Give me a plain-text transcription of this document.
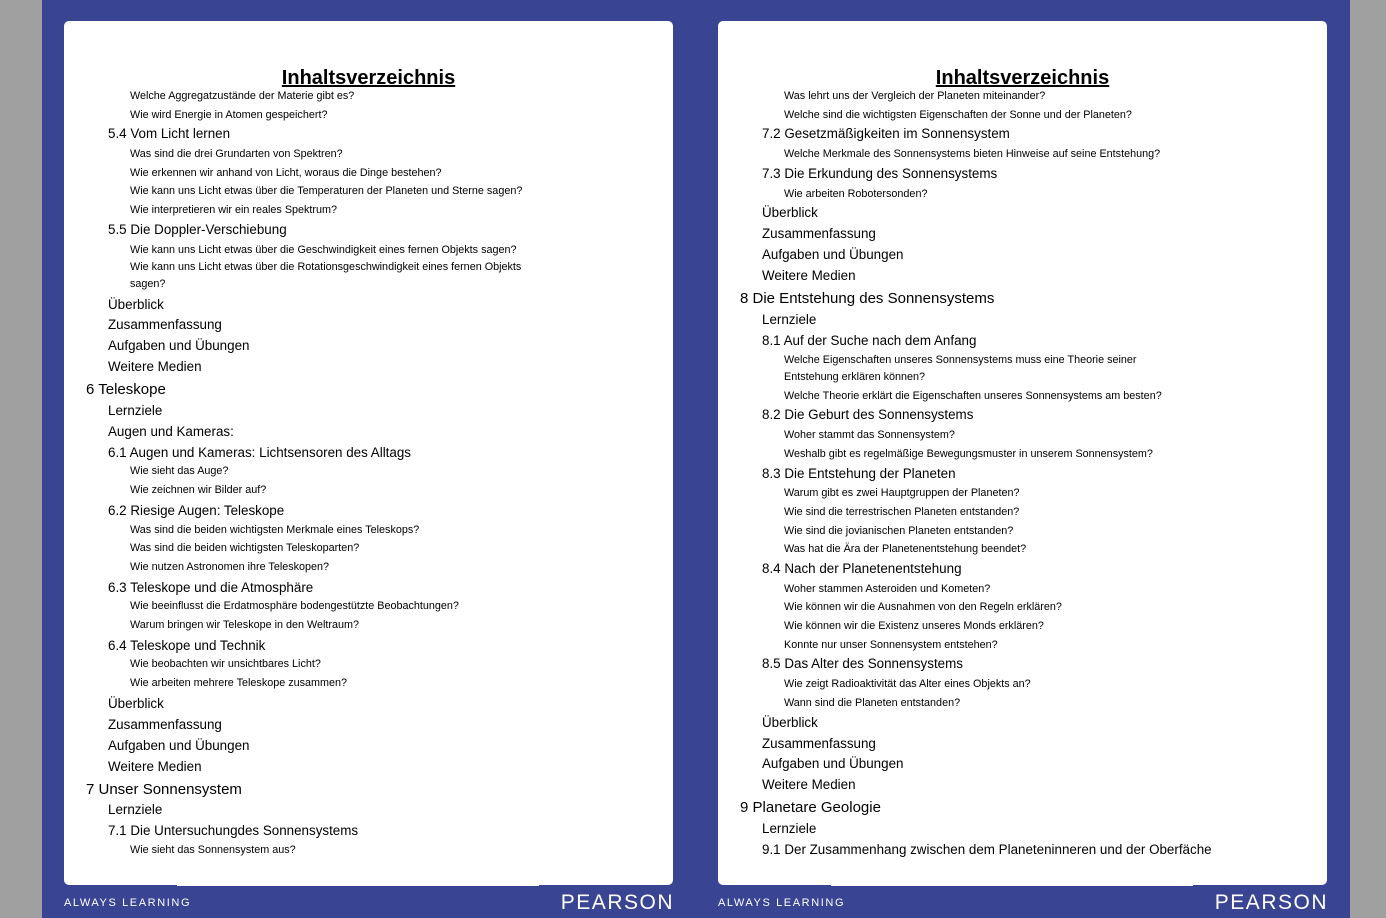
Inhaltsverzeichnis
Welche Aggregatzustände der Materie gibt es?
Wie wird Energie in Atomen gespeichert?
5.4 Vom Licht lernen
Was sind die drei Grundarten von Spektren?
Wie erkennen wir anhand von Licht, woraus die Dinge bestehen?
Wie kann uns Licht etwas über die Temperaturen der Planeten und Sterne sagen?
Wie interpretieren wir ein reales Spektrum?
5.5 Die Doppler-Verschiebung
Wie kann uns Licht etwas über die Geschwindigkeit eines fernen Objekts sagen?
Wie kann uns Licht etwas über die Rotationsgeschwindigkeit eines fernen Objekts sagen?
Überblick
Zusammenfassung
Aufgaben und Übungen
Weitere Medien
6 Teleskope
Lernziele
Augen und Kameras:
6.1 Augen und Kameras: Lichtsensoren des Alltags
Wie sieht das Auge?
Wie zeichnen wir Bilder auf?
6.2 Riesige Augen: Teleskope
Was sind die beiden wichtigsten Merkmale eines Teleskops?
Was sind die beiden wichtigsten Teleskoparten?
Wie nutzen Astronomen ihre Teleskopen?
6.3 Teleskope und die Atmosphäre
Wie beeinflusst die Erdatmosphäre bodengestützte Beobachtungen?
Warum bringen wir Teleskope in den Weltraum?
6.4 Teleskope und Technik
Wie beobachten wir unsichtbares Licht?
Wie arbeiten mehrere Teleskope zusammen?
Überblick
Zusammenfassung
Aufgaben und Übungen
Weitere Medien
7 Unser Sonnensystem
Lernziele
7.1 Die Untersuchungdes Sonnensystems
Wie sieht das Sonnensystem aus?
ALWAYS LEARNING	PEARSON
Inhaltsverzeichnis
Was lehrt uns der Vergleich der Planeten miteinander?
Welche sind die wichtigsten Eigenschaften der Sonne und der Planeten?
7.2 Gesetzmäßigkeiten im Sonnensystem
Welche Merkmale des Sonnensystems bieten Hinweise auf seine Entstehung?
7.3 Die Erkundung des Sonnensystems
Wie arbeiten Robotersonden?
Überblick
Zusammenfassung
Aufgaben und Übungen
Weitere Medien
8 Die Entstehung des Sonnensystems
Lernziele
8.1 Auf der Suche nach dem Anfang
Welche Eigenschaften unseres Sonnensystems muss eine Theorie seiner Entstehung erklären können?
Welche Theorie erklärt die Eigenschaften unseres Sonnensystems am besten?
8.2 Die Geburt des Sonnensystems
Woher stammt das Sonnensystem?
Weshalb gibt es regelmäßige Bewegungsmuster in unserem Sonnensystem?
8.3 Die Entstehung der Planeten
Warum gibt es zwei Hauptgruppen der Planeten?
Wie sind die terrestrischen Planeten entstanden?
Wie sind die jovianischen Planeten entstanden?
Was hat die Ära der Planetenentstehung beendet?
8.4 Nach der Planetenentstehung
Woher stammen Asteroiden und Kometen?
Wie können wir die Ausnahmen von den Regeln erklären?
Wie können wir die Existenz unseres Monds erklären?
Konnte nur unser Sonnensystem entstehen?
8.5 Das Alter des Sonnensystems
Wie zeigt Radioaktivität das Alter eines Objekts an?
Wann sind die Planeten entstanden?
Überblick
Zusammenfassung
Aufgaben und Übungen
Weitere Medien
9 Planetare Geologie
Lernziele
9.1 Der Zusammenhang zwischen dem Planeteninneren und der Oberfäche
ALWAYS LEARNING	PEARSON
